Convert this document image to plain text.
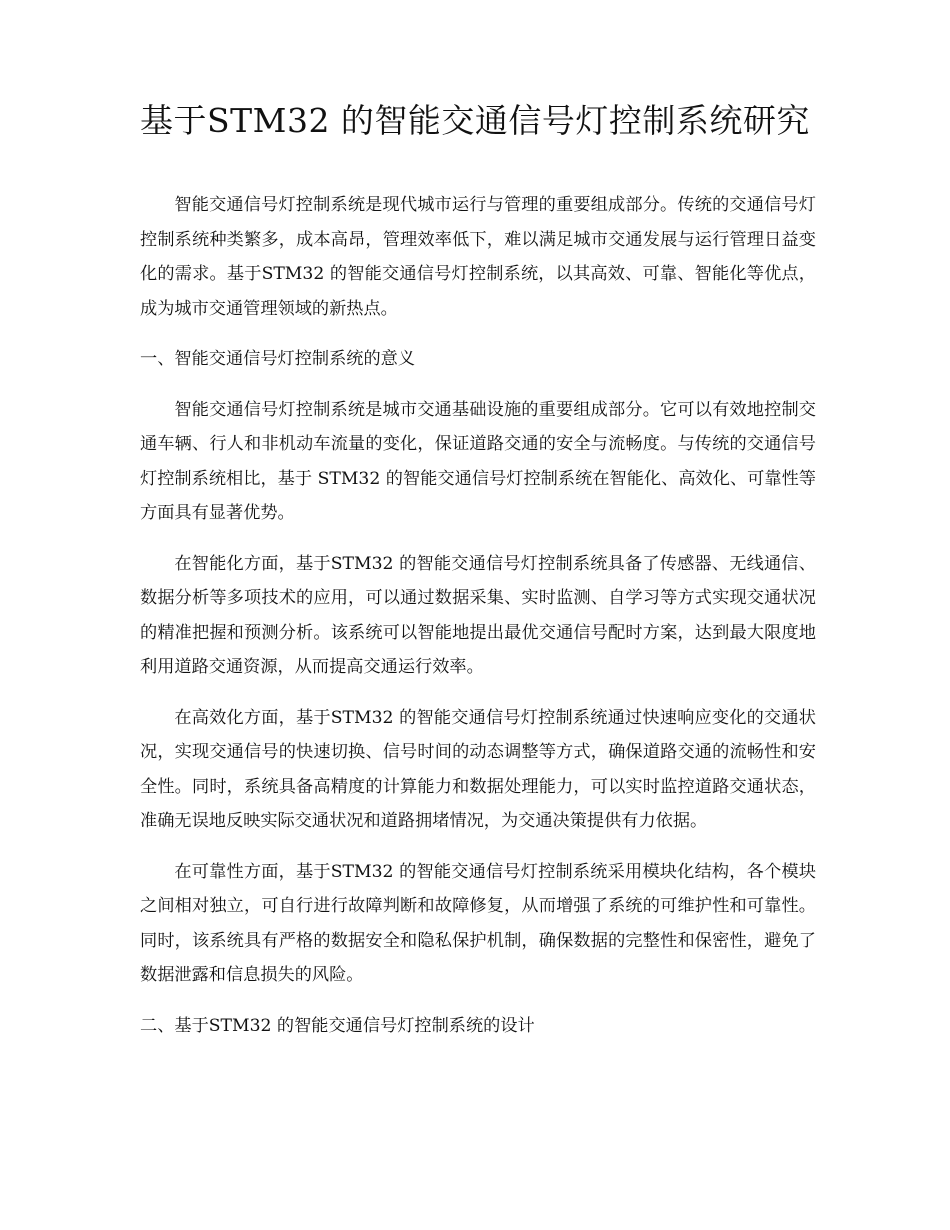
基于STM32 的智能交通信号灯控制系统研究

智能交通信号灯控制系统是现代城市运行与管理的重要组成部分。传统的交通信号灯控制系统种类繁多，成本高昂，管理效率低下，难以满足城市交通发展与运行管理日益变化的需求。基于STM32 的智能交通信号灯控制系统，以其高效、可靠、智能化等优点，成为城市交通管理领域的新热点。

一、智能交通信号灯控制系统的意义

智能交通信号灯控制系统是城市交通基础设施的重要组成部分。它可以有效地控制交通车辆、行人和非机动车流量的变化，保证道路交通的安全与流畅度。与传统的交通信号灯控制系统相比，基于 STM32 的智能交通信号灯控制系统在智能化、高效化、可靠性等方面具有显著优势。

在智能化方面，基于STM32 的智能交通信号灯控制系统具备了传感器、无线通信、数据分析等多项技术的应用，可以通过数据采集、实时监测、自学习等方式实现交通状况的精准把握和预测分析。该系统可以智能地提出最优交通信号配时方案，达到最大限度地利用道路交通资源，从而提高交通运行效率。

在高效化方面，基于STM32 的智能交通信号灯控制系统通过快速响应变化的交通状况，实现交通信号的快速切换、信号时间的动态调整等方式，确保道路交通的流畅性和安全性。同时，系统具备高精度的计算能力和数据处理能力，可以实时监控道路交通状态，准确无误地反映实际交通状况和道路拥堵情况，为交通决策提供有力依据。

在可靠性方面，基于STM32 的智能交通信号灯控制系统采用模块化结构，各个模块之间相对独立，可自行进行故障判断和故障修复，从而增强了系统的可维护性和可靠性。同时，该系统具有严格的数据安全和隐私保护机制，确保数据的完整性和保密性，避免了数据泄露和信息损失的风险。

二、基于STM32 的智能交通信号灯控制系统的设计
